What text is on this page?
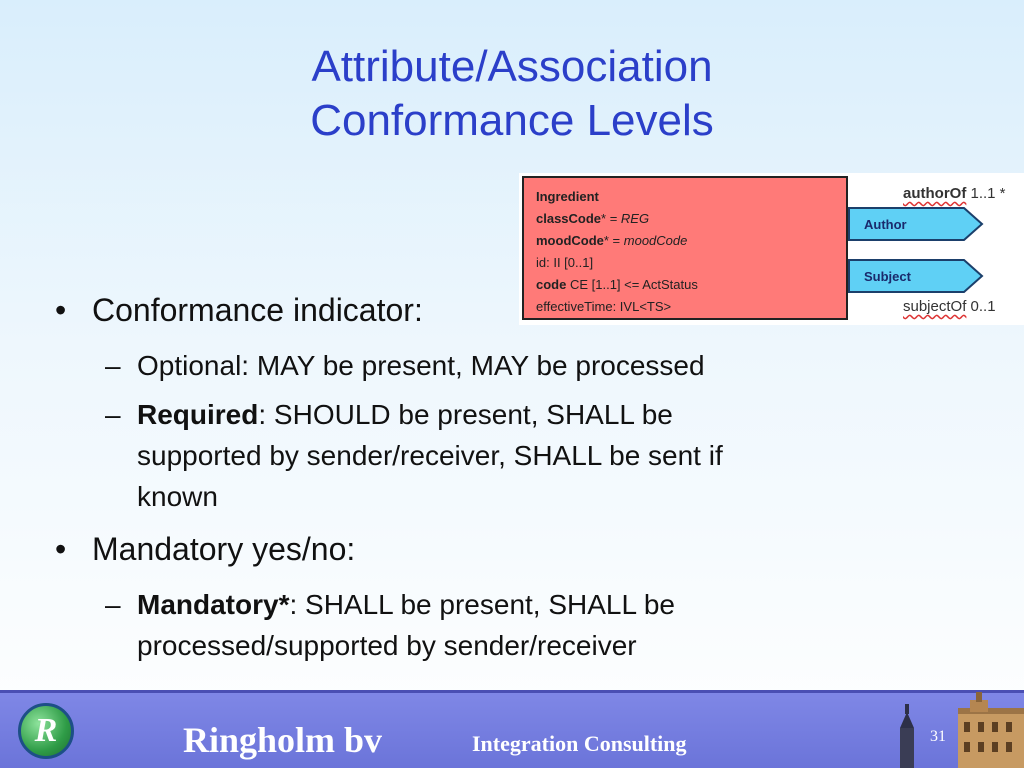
Attribute/Association
Conformance Levels
Ingredient
classCode* = REG
moodCode* = moodCode
id: II [0..1]
code CE [1..1] <= ActStatus
effectiveTime: IVL<TS>
Author
Subject
authorOf 1..1 *
subjectOf 0..1
• Conformance indicator:
– Optional: MAY be present, MAY be processed
– Required: SHOULD be present, SHALL be
supported by sender/receiver, SHALL be sent if
known
• Mandatory yes/no:
– Mandatory*: SHALL be present, SHALL be
processed/supported by sender/receiver
R	Ringholm bv	Integration Consulting	31
